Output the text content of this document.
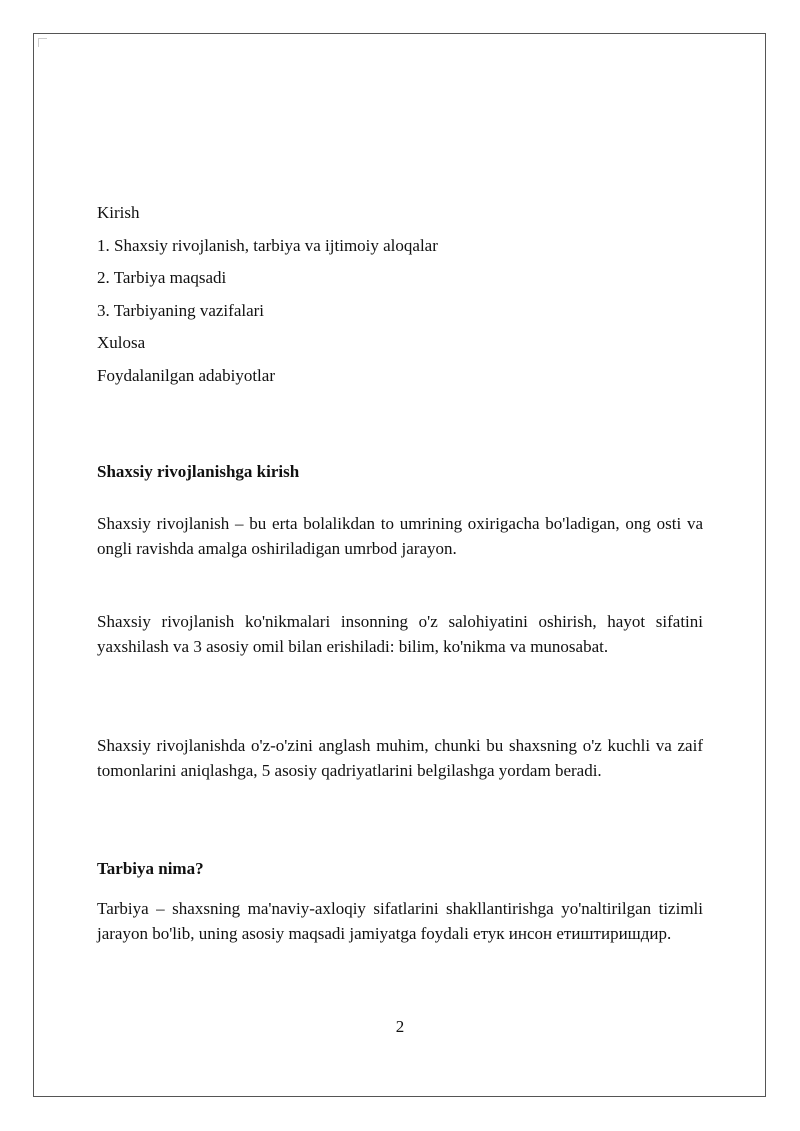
Kirish

1. Shaxsiy rivojlanish, tarbiya va ijtimoiy aloqalar

2. Tarbiya maqsadi

3. Tarbiyaning vazifalari

Xulosa

Foydalanilgan adabiyotlar

Shaxsiy rivojlanishga kirish

Shaxsiy rivojlanish – bu erta bolalikdan to umrining oxirigacha bo'ladigan, ong osti va ongli ravishda amalga oshiriladigan umrbod jarayon.

Shaxsiy rivojlanish ko'nikmalari insonning o'z salohiyatini oshirish, hayot sifatini yaxshilash va 3 asosiy omil bilan erishiladi: bilim, ko'nikma va munosabat.

Shaxsiy rivojlanishda o'z-o'zini anglash muhim, chunki bu shaxsning o'z kuchli va zaif tomonlarini aniqlashga, 5 asosiy qadriyatlarini belgilashga yordam beradi.

Tarbiya nima?

Tarbiya – shaxsning ma'naviy-axloqiy sifatlarini shakllantirishga yo'naltirilgan tizimli jarayon bo'lib, uning asosiy maqsadi jamiyatga foydali етук инсон етиштиришдир.

2
